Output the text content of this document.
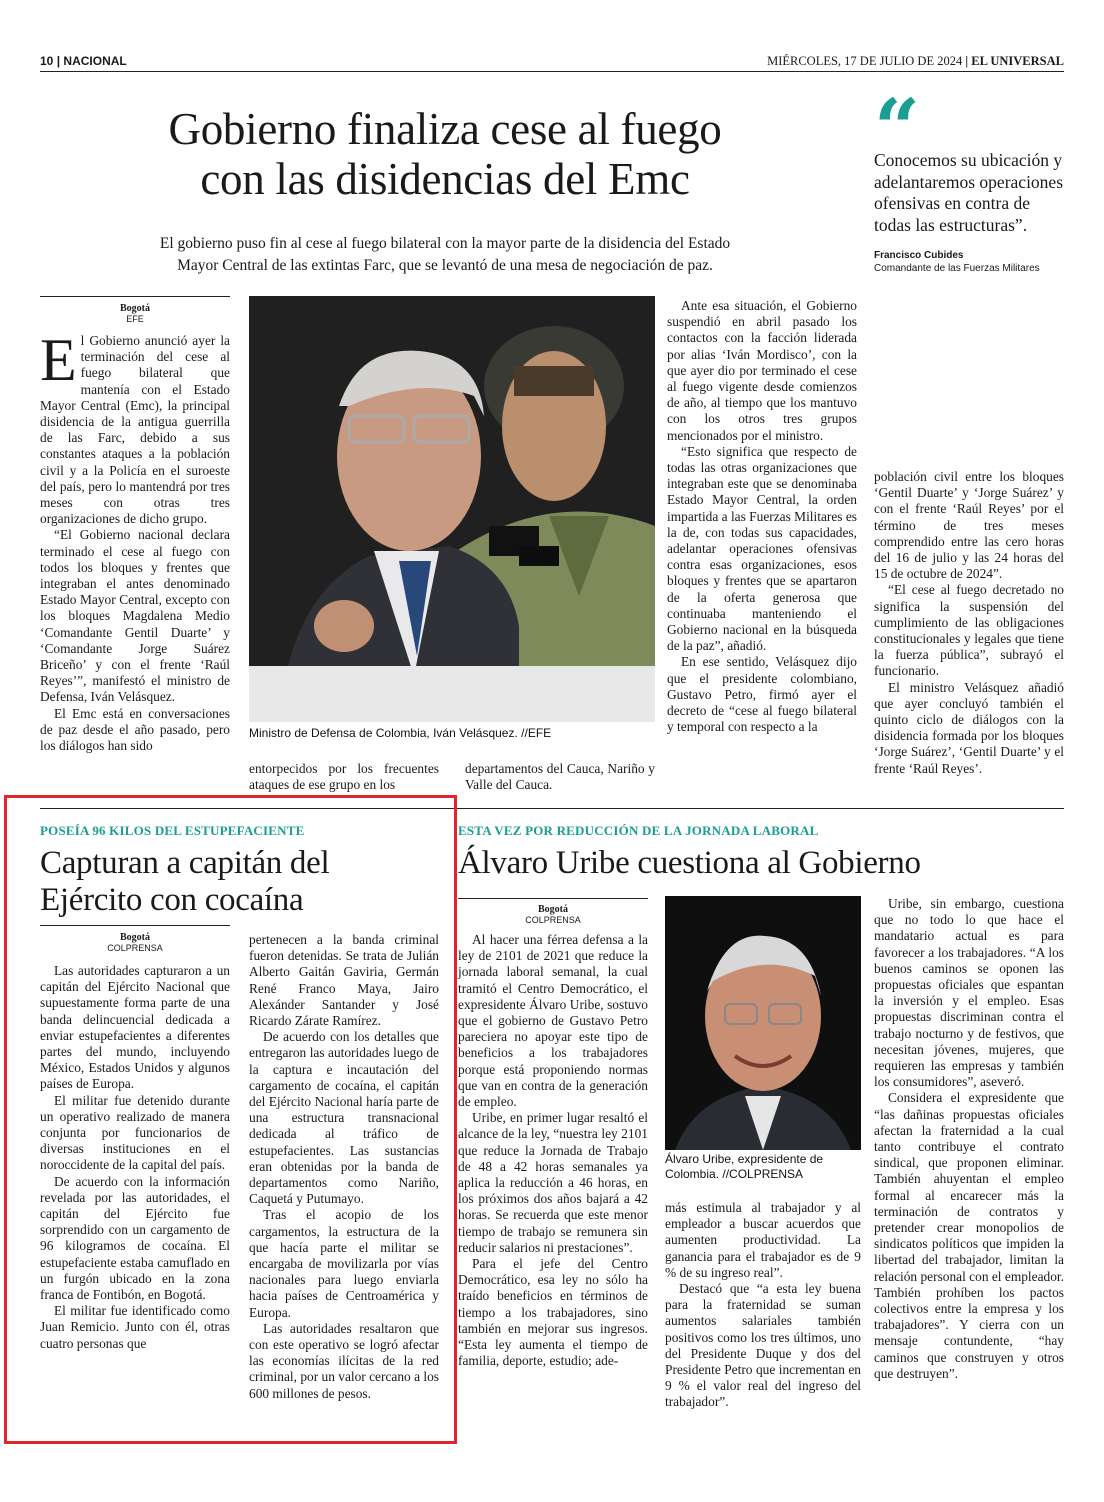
10 | NACIONAL	MIÉRCOLES, 17 DE JULIO DE 2024 | EL UNIVERSAL
Gobierno finaliza cese al fuego
con las disidencias del Emc
El gobierno puso fin al cese al fuego bilateral con la mayor parte de la disidencia del Estado
Mayor Central de las extintas Farc, que se levantó de una mesa de negociación de paz.
“
Conocemos su ubicación y adelantaremos operaciones ofensivas en contra de todas las estructuras”.
Francisco Cubides
Comandante de las Fuerzas Militares
Bogotá
EFE

E l Gobierno anunció ayer la terminación del cese al fuego bilateral que mantenía con el Estado Mayor Central (Emc), la principal disidencia de la antigua guerrilla de las Farc, debido a sus constantes ataques a la población civil y a la Policía en el suroeste del país, pero lo mantendrá por tres meses con otras tres organizaciones de dicho grupo.

“El Gobierno nacional declara terminado el cese al fuego con todos los bloques y frentes que integraban el antes denominado Estado Mayor Central, excepto con los bloques Magdalena Medio ‘Comandante Gentil Duarte’ y ‘Comandante Jorge Suárez Briceño’ y con el frente ‘Raúl Reyes’”, manifestó el ministro de Defensa, Iván Velásquez.

El Emc está en conversaciones de paz desde el año pasado, pero los diálogos han sido

Ministro de Defensa de Colombia, Iván Velásquez. //EFE

entorpecidos por los frecuentes ataques de ese grupo en los

departamentos del Cauca, Nariño y Valle del Cauca.

Ante esa situación, el Gobierno suspendió en abril pasado los contactos con la facción liderada por alias ‘Iván Mordisco’, con la que ayer dio por terminado el cese al fuego vigente desde comienzos de año, al tiempo que los mantuvo con los otros tres grupos mencionados por el ministro.

“Esto significa que respecto de todas las otras organizaciones que integraban este que se denominaba Estado Mayor Central, la orden impartida a las Fuerzas Militares es la de, con todas sus capacidades, adelantar operaciones ofensivas contra esas organizaciones, esos bloques y frentes que se apartaron de la oferta generosa que continuaba manteniendo el Gobierno nacional en la búsqueda de la paz”, añadió.

En ese sentido, Velásquez dijo que el presidente colombiano, Gustavo Petro, firmó ayer el decreto de “cese al fuego bilateral y temporal con respecto a la

población civil entre los bloques ‘Gentil Duarte’ y ‘Jorge Suárez’ y con el frente ‘Raúl Reyes’ por el término de tres meses comprendido entre las cero horas del 16 de julio y las 24 horas del 15 de octubre de 2024”.

“El cese al fuego decretado no significa la suspensión del cumplimiento de las obligaciones constitucionales y legales que tiene la fuerza pública”, subrayó el funcionario.

El ministro Velásquez añadió que ayer concluyó también el quinto ciclo de diálogos con la disidencia formada por los bloques ‘Jorge Suárez’, ‘Gentil Duarte’ y el frente ‘Raúl Reyes’.

POSEÍA 96 KILOS DEL ESTUPEFACIENTE
Capturan a capitán del
Ejército con cocaína
Bogotá
COLPRENSA

Las autoridades capturaron a un capitán del Ejército Nacional que supuestamente forma parte de una banda delincuencial dedicada a enviar estupefacientes a diferentes partes del mundo, incluyendo México, Estados Unidos y algunos países de Europa.

El militar fue detenido durante un operativo realizado de manera conjunta por funcionarios de diversas instituciones en el noroccidente de la capital del país.

De acuerdo con la información revelada por las autoridades, el capitán del Ejército fue sorprendido con un cargamento de 96 kilogramos de cocaína. El estupefaciente estaba camuflado en un furgón ubicado en la zona franca de Fontibón, en Bogotá.

El militar fue identificado como Juan Remicio. Junto con él, otras cuatro personas que

pertenecen a la banda criminal fueron detenidas. Se trata de Julián Alberto Gaitán Gaviria, Germán René Franco Maya, Jairo Alexánder Santander y José Ricardo Zárate Ramírez.

De acuerdo con los detalles que entregaron las autoridades luego de la captura e incautación del cargamento de cocaína, el capitán del Ejército Nacional haría parte de una estructura transnacional dedicada al tráfico de estupefacientes. Las sustancias eran obtenidas por la banda de departamentos como Nariño, Caquetá y Putumayo.

Tras el acopio de los cargamentos, la estructura de la que hacía parte el militar se encargaba de movilizarla por vías nacionales para luego enviarla hacia países de Centroamérica y Europa.

Las autoridades resaltaron que con este operativo se logró afectar las economías ilícitas de la red criminal, por un valor cercano a los 600 millones de pesos.

ESTA VEZ POR REDUCCIÓN DE LA JORNADA LABORAL
Álvaro Uribe cuestiona al Gobierno
Bogotá
COLPRENSA

Al hacer una férrea defensa a la ley de 2101 de 2021 que reduce la jornada laboral semanal, la cual tramitó el Centro Democrático, el expresidente Álvaro Uribe, sostuvo que el gobierno de Gustavo Petro pareciera no apoyar este tipo de beneficios a los trabajadores porque está proponiendo normas que van en contra de la generación de empleo.

Uribe, en primer lugar resaltó el alcance de la ley, “nuestra ley 2101 que reduce la Jornada de Trabajo de 48 a 42 horas semanales ya aplica la reducción a 46 horas, en los próximos dos años bajará a 42 horas. Se recuerda que este menor tiempo de trabajo se remunera sin reducir salarios ni prestaciones”.

Para el jefe del Centro Democrático, esa ley no sólo ha traído beneficios en términos de tiempo a los trabajadores, sino también en mejorar sus ingresos. “Esta ley aumenta el tiempo de familia, deporte, estudio; ade-

Álvaro Uribe, expresidente de Colombia. //COLPRENSA

más estimula al trabajador y al empleador a buscar acuerdos que aumenten productividad. La ganancia para el trabajador es de 9 % de su ingreso real”.

Destacó que “a esta ley buena para la fraternidad se suman aumentos salariales también positivos como los tres últimos, uno del Presidente Duque y dos del Presidente Petro que incrementan en 9 % el valor real del ingreso del trabajador”.

Uribe, sin embargo, cuestiona que no todo lo que hace el mandatario actual es para favorecer a los trabajadores. “A los buenos caminos se oponen las propuestas oficiales que espantan la inversión y el empleo. Esas propuestas discriminan contra el trabajo nocturno y de festivos, que necesitan jóvenes, mujeres, que requieren las empresas y también los consumidores”, aseveró.

Considera el expresidente que “las dañinas propuestas oficiales afectan la fraternidad a la cual tanto contribuye el contrato sindical, que proponen eliminar. También ahuyentan el empleo formal al encarecer más la terminación de contratos y pretender crear monopolios de sindicatos políticos que impiden la libertad del trabajador, limitan la relación personal con el empleador. También prohíben los pactos colectivos entre la empresa y los trabajadores”. Y cierra con un mensaje contundente, “hay caminos que construyen y otros que destruyen”.
